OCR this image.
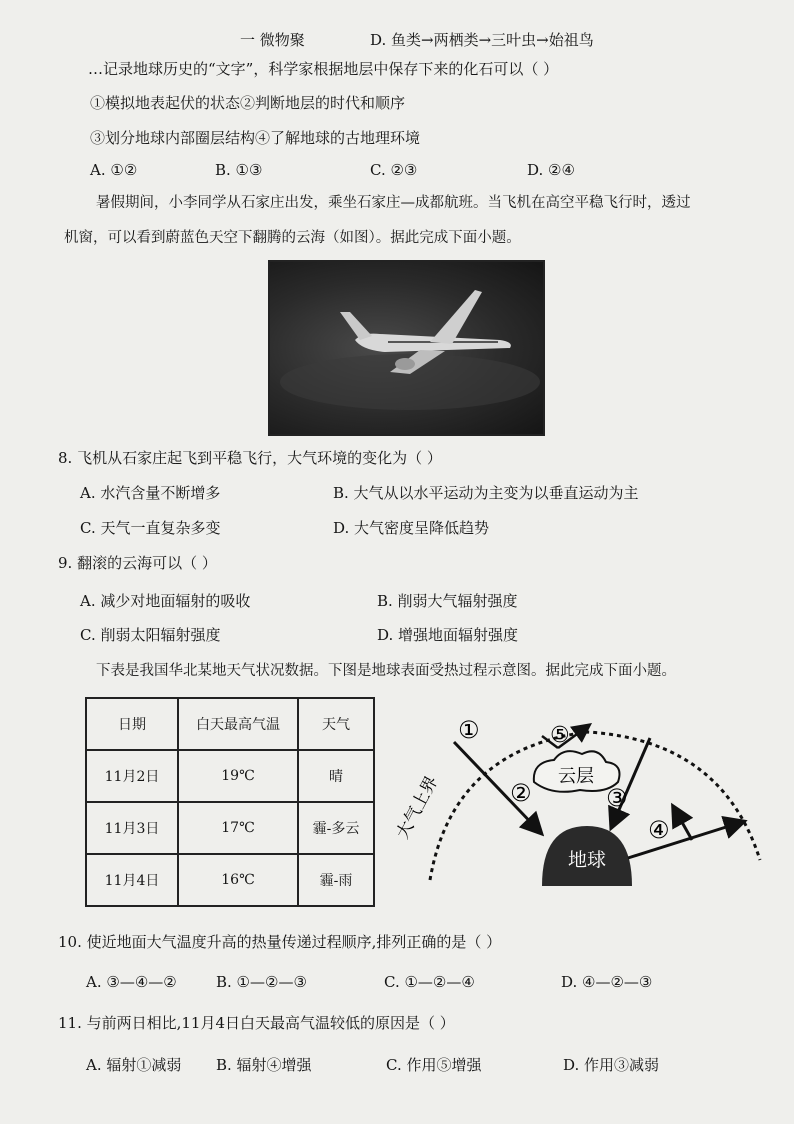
一 微物聚	D. 鱼类→两栖类→三叶虫→始祖鸟
…记录地球历史的“文字”，科学家根据地层中保存下来的化石可以（ ）
①模拟地表起伏的状态②判断地层的时代和顺序
③划分地球内部圈层结构④了解地球的古地理环境
A. ①②	B. ①③	C. ②③	D. ②④
暑假期间，小李同学从石家庄出发，乘坐石家庄—成都航班。当飞机在高空平稳飞行时，透过
机窗，可以看到蔚蓝色天空下翻腾的云海（如图）。据此完成下面小题。
8. 飞机从石家庄起飞到平稳飞行，大气环境的变化为（ ）
A. 水汽含量不断增多	B. 大气从以水平运动为主变为以垂直运动为主
C. 天气一直复杂多变	D. 大气密度呈降低趋势
9. 翻滚的云海可以（ ）
A. 减少对地面辐射的吸收	B. 削弱大气辐射强度
C. 削弱太阳辐射强度	D. 增强地面辐射强度
下表是我国华北某地天气状况数据。下图是地球表面受热过程示意图。据此完成下面小题。
日期	白天最高气温	天气
11月2日	19℃	晴
11月3日	17℃	霾-多云
11月4日	16℃	霾-雨
地球
云层
①
②	③
④
⑤
大气上界
10. 使近地面大气温度升高的热量传递过程顺序,排列正确的是（ ）
A. ③—④—②	B. ①—②—③	C. ①—②—④	D. ④—②—③
11. 与前两日相比,11月4日白天最高气温较低的原因是（ ）
A. 辐射①减弱 B. 辐射④增强	C. 作用⑤增强	D. 作用③减弱
